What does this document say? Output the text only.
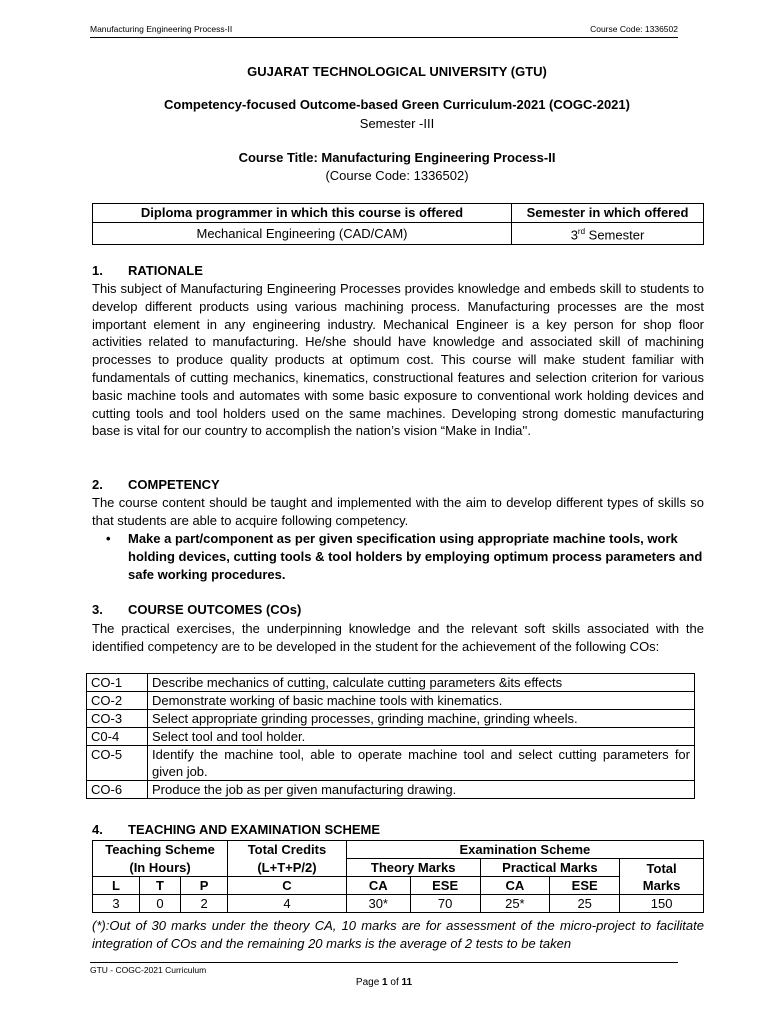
Manufacturing Engineering Process-II	Course Code: 1336502
GUJARAT TECHNOLOGICAL UNIVERSITY (GTU)
Competency-focused Outcome-based Green Curriculum-2021 (COGC-2021)
Semester -III
Course Title: Manufacturing Engineering Process-II
(Course Code: 1336502)
Diploma programmer in which this course is offered	Semester in which offered
Mechanical Engineering (CAD/CAM)	3rd Semester
1. RATIONALE
This subject of Manufacturing Engineering Processes provides knowledge and embeds skill to students to develop different products using various machining process. Manufacturing processes are the most important element in any engineering industry. Mechanical Engineer is a key person for shop floor activities related to manufacturing. He/she should have knowledge and associated skill of machining processes to produce quality products at optimum cost. This course will make student familiar with fundamentals of cutting mechanics, kinematics, constructional features and selection criterion for various basic machine tools and automates with some basic exposure to conventional work holding devices and cutting tools and tool holders used on the same machines. Developing strong domestic manufacturing base is vital for our country to accomplish the nation’s vision “Make in India''.
2. COMPETENCY
The course content should be taught and implemented with the aim to develop different types of skills so that students are able to acquire following competency.
• Make a part/component as per given specification using appropriate machine tools, work holding devices, cutting tools & tool holders by employing optimum process parameters and safe working procedures.
3. COURSE OUTCOMES (COs)
The practical exercises, the underpinning knowledge and the relevant soft skills associated with the identified competency are to be developed in the student for the achievement of the following COs:
CO-1	Describe mechanics of cutting, calculate cutting parameters &its effects
CO-2	Demonstrate working of basic machine tools with kinematics.
CO-3	Select appropriate grinding processes, grinding machine, grinding wheels.
C0-4	Select tool and tool holder.
CO-5	Identify the machine tool, able to operate machine tool and select cutting parameters for given job.
CO-6	Produce the job as per given manufacturing drawing.
4. TEACHING AND EXAMINATION SCHEME
Teaching Scheme			Total Credits	Examination Scheme				
(In Hours)			(L+T+P/2)	Theory Marks		Practical Marks		Total
Marks
L	T	P	C	CA	ESE	CA	ESE	
3	0	2	4	30*	70	25*	25	150
(*):Out of 30 marks under the theory CA, 10 marks are for assessment of the micro-project to facilitate integration of COs and the remaining 20 marks is the average of 2 tests to be taken
GTU - COGC-2021 Curriculum
Page 1 of 11
